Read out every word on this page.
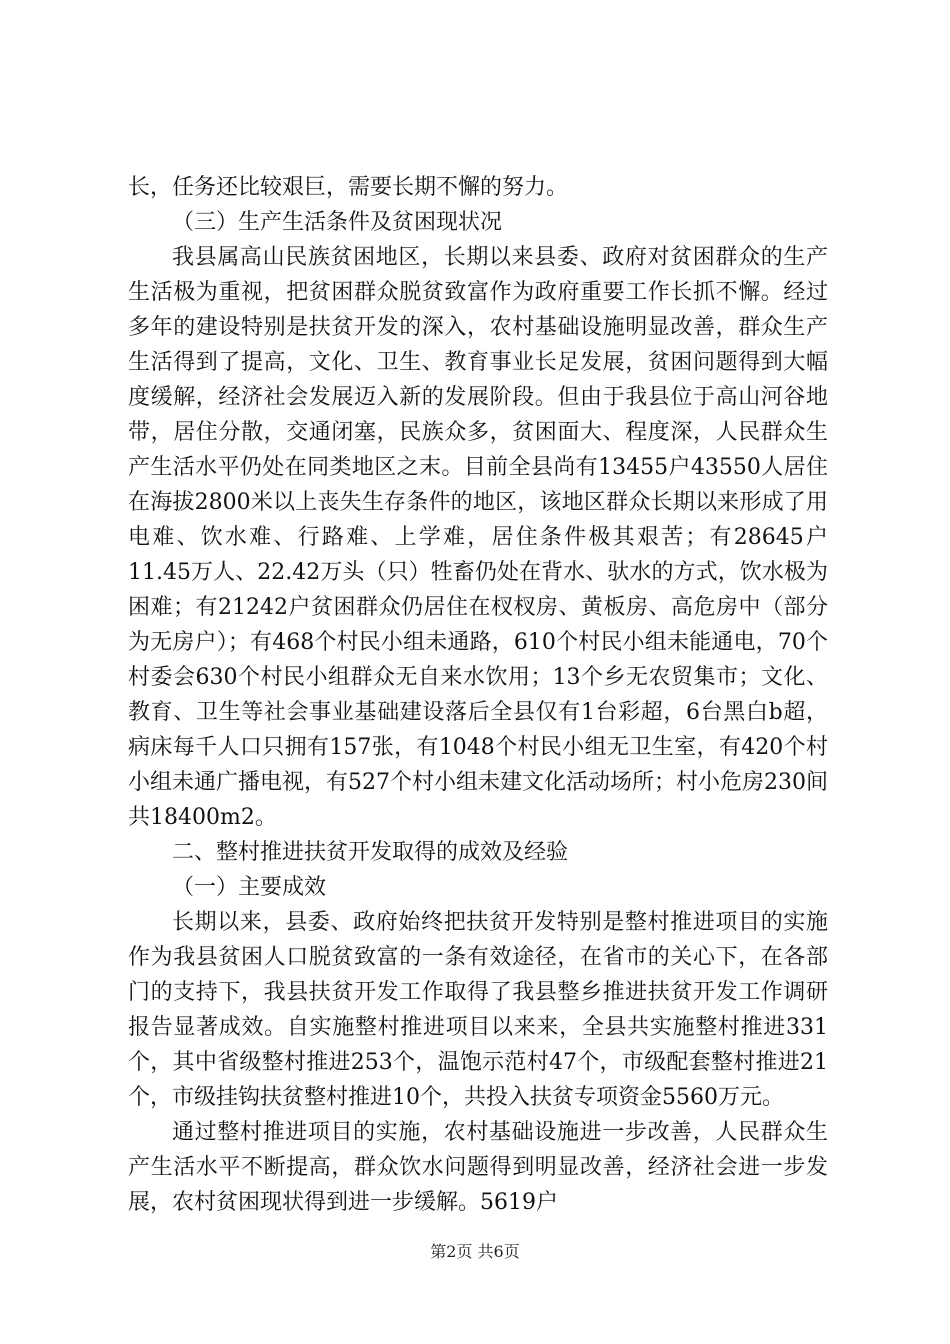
长，任务还比较艰巨，需要长期不懈的努力。

（三）生产生活条件及贫困现状况

我县属高山民族贫困地区，长期以来县委、政府对贫困群众的生产生活极为重视，把贫困群众脱贫致富作为政府重要工作长抓不懈。经过多年的建设特别是扶贫开发的深入，农村基础设施明显改善，群众生产生活得到了提高，文化、卫生、教育事业长足发展，贫困问题得到大幅度缓解，经济社会发展迈入新的发展阶段。但由于我县位于高山河谷地带，居住分散，交通闭塞，民族众多，贫困面大、程度深，人民群众生产生活水平仍处在同类地区之末。目前全县尚有13455户43550人居住在海拔2800米以上丧失生存条件的地区，该地区群众长期以来形成了用电难、饮水难、行路难、上学难，居住条件极其艰苦；有28645户11.45万人、22.42万头（只）牲畜仍处在背水、驮水的方式，饮水极为困难；有21242户贫困群众仍居住在杈杈房、黄板房、高危房中（部分为无房户）；有468个村民小组未通路，610个村民小组未能通电，70个村委会630个村民小组群众无自来水饮用；13个乡无农贸集市；文化、教育、卫生等社会事业基础建设落后全县仅有1台彩超，6台黑白b超，病床每千人口只拥有157张，有1048个村民小组无卫生室，有420个村小组未通广播电视，有527个村小组未建文化活动场所；村小危房230间共18400m2。

二、整村推进扶贫开发取得的成效及经验

（一）主要成效

长期以来，县委、政府始终把扶贫开发特别是整村推进项目的实施作为我县贫困人口脱贫致富的一条有效途径，在省市的关心下，在各部门的支持下，我县扶贫开发工作取得了我县整乡推进扶贫开发工作调研报告显著成效。自实施整村推进项目以来来，全县共实施整村推进331个，其中省级整村推进253个，温饱示范村47个，市级配套整村推进21个，市级挂钩扶贫整村推进10个，共投入扶贫专项资金5560万元。

通过整村推进项目的实施，农村基础设施进一步改善，人民群众生产生活水平不断提高，群众饮水问题得到明显改善，经济社会进一步发展，农村贫困现状得到进一步缓解。5619户

第2页 共6页
